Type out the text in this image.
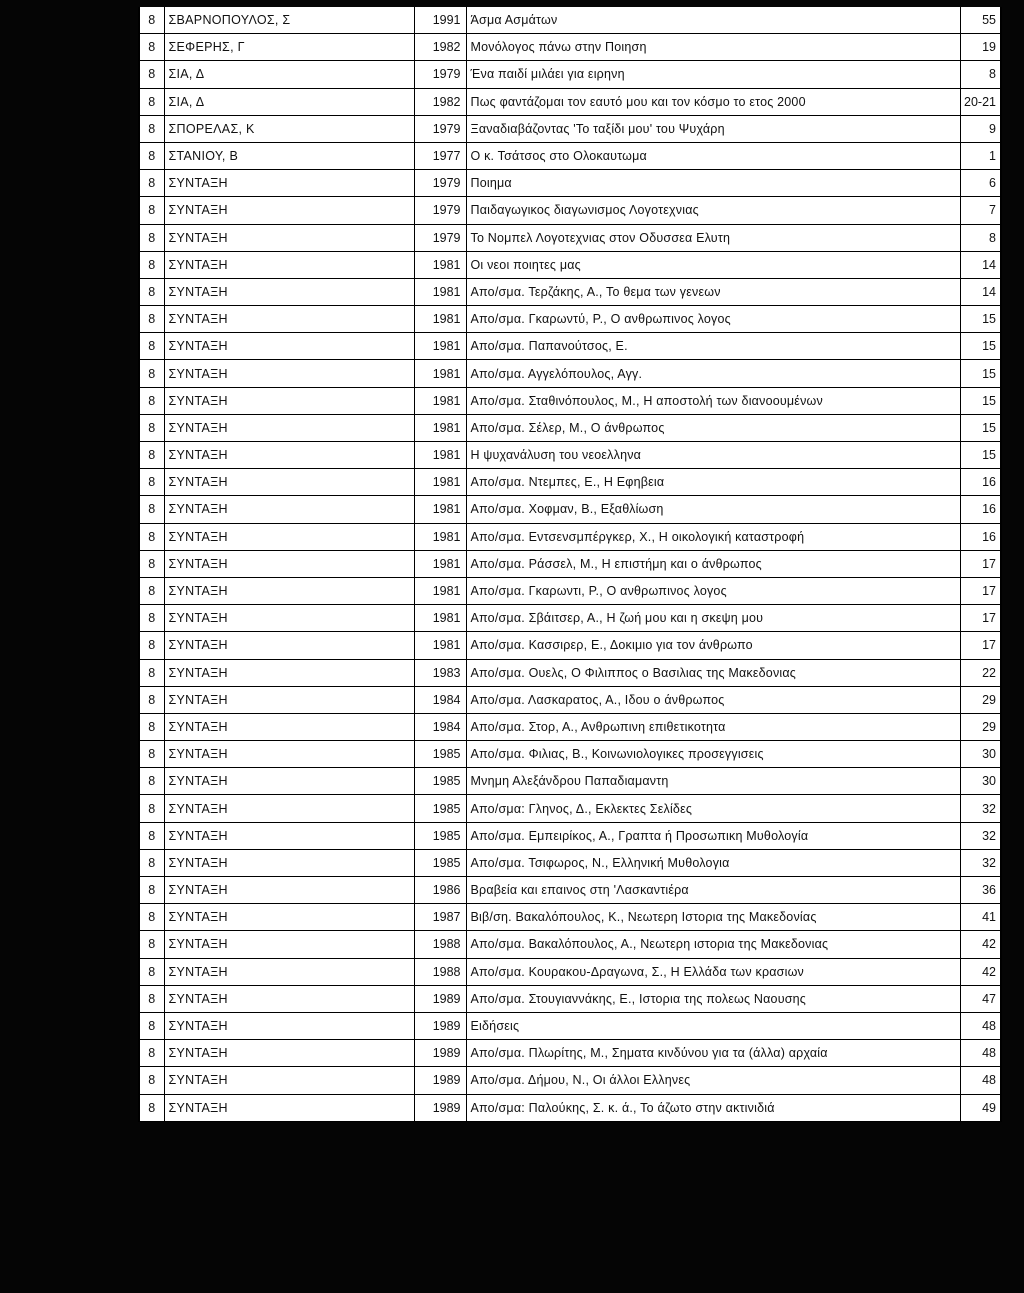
8	ΣΒΑΡΝΟΠΟΥΛΟΣ, Σ	1991	Άσμα Ασμάτων	55
8	ΣΕΦΕΡΗΣ, Γ	1982	Μονόλογος πάνω στην Ποιηση	19
8	ΣΙΑ, Δ	1979	Ένα παιδί μιλάει για ειρηνη	8
8	ΣΙΑ, Δ	1982	Πως φαντάζομαι τον εαυτό μου και τον κόσμο το ετος 2000	20-21
8	ΣΠΟΡΕΛΑΣ, Κ	1979	Ξαναδιαβάζοντας 'Το ταξίδι μου' του Ψυχάρη	9
8	ΣΤΑΝΙΟΥ, Β	1977	Ο κ. Τσάτσος στο Ολοκαυτωμα	1
8	ΣΥΝΤΑΞΗ	1979	Ποιημα	6
8	ΣΥΝΤΑΞΗ	1979	Παιδαγωγικος διαγωνισμος Λογοτεχνιας	7
8	ΣΥΝΤΑΞΗ	1979	Το Νομπελ Λογοτεχνιας στον Οδυσσεα Ελυτη	8
8	ΣΥΝΤΑΞΗ	1981	Οι νεοι ποιητες μας	14
8	ΣΥΝΤΑΞΗ	1981	Απο/σμα. Τερζάκης, Α., Το θεμα των γενεων	14
8	ΣΥΝΤΑΞΗ	1981	Απο/σμα. Γκαρωντύ, Ρ., Ο ανθρωπινος λογος	15
8	ΣΥΝΤΑΞΗ	1981	Απο/σμα. Παπανούτσος, Ε.	15
8	ΣΥΝΤΑΞΗ	1981	Απο/σμα. Αγγελόπουλος, Αγγ.	15
8	ΣΥΝΤΑΞΗ	1981	Απο/σμα. Σταθινόπουλος, Μ., Η αποστολή των διανοουμένων	15
8	ΣΥΝΤΑΞΗ	1981	Απο/σμα. Σέλερ, Μ., Ο άνθρωπος	15
8	ΣΥΝΤΑΞΗ	1981	Η ψυχανάλυση του νεοελληνα	15
8	ΣΥΝΤΑΞΗ	1981	Απο/σμα. Ντεμπες, Ε., Η Εφηβεια	16
8	ΣΥΝΤΑΞΗ	1981	Απο/σμα. Χοφμαν, Β., Εξαθλίωση	16
8	ΣΥΝΤΑΞΗ	1981	Απο/σμα. Εντσενσμπέργκερ, Χ., Η οικολογική καταστροφή	16
8	ΣΥΝΤΑΞΗ	1981	Απο/σμα. Ράσσελ, Μ., Η επιστήμη και ο άνθρωπος	17
8	ΣΥΝΤΑΞΗ	1981	Απο/σμα. Γκαρωντι, Ρ., Ο ανθρωπινος λογος	17
8	ΣΥΝΤΑΞΗ	1981	Απο/σμα. Σβάιτσερ, Α., Η ζωή μου και η σκεψη μου	17
8	ΣΥΝΤΑΞΗ	1981	Απο/σμα. Κασσιρερ, Ε., Δοκιμιο για τον άνθρωπο	17
8	ΣΥΝΤΑΞΗ	1983	Απο/σμα. Ουελς, Ο Φιλιππος ο Βασιλιας της Μακεδονιας	22
8	ΣΥΝΤΑΞΗ	1984	Απο/σμα. Λασκαρατος, Α., Ιδου ο άνθρωπος	29
8	ΣΥΝΤΑΞΗ	1984	Απο/σμα. Στορ, Α., Ανθρωπινη επιθετικοτητα	29
8	ΣΥΝΤΑΞΗ	1985	Απο/σμα. Φιλιας, Β., Κοινωνιολογικες προσεγγισεις	30
8	ΣΥΝΤΑΞΗ	1985	Μνημη Αλεξάνδρου Παπαδιαμαντη	30
8	ΣΥΝΤΑΞΗ	1985	Απο/σμα: Γληνος, Δ., Εκλεκτες Σελίδες	32
8	ΣΥΝΤΑΞΗ	1985	Απο/σμα. Εμπειρίκος, Α., Γραπτα ή Προσωπικη Μυθολογία	32
8	ΣΥΝΤΑΞΗ	1985	Απο/σμα. Τσιφωρος, Ν., Ελληνική Μυθολογια	32
8	ΣΥΝΤΑΞΗ	1986	Βραβεία και επαινος στη 'Λασκαντιέρα	36
8	ΣΥΝΤΑΞΗ	1987	Βιβ/ση. Βακαλόπουλος, Κ., Νεωτερη Ιστορια της Μακεδονίας	41
8	ΣΥΝΤΑΞΗ	1988	Απο/σμα. Βακαλόπουλος, Α., Νεωτερη ιστορια της Μακεδονιας	42
8	ΣΥΝΤΑΞΗ	1988	Απο/σμα. Κουρακου-Δραγωνα, Σ., Η Ελλάδα των κρασιων	42
8	ΣΥΝΤΑΞΗ	1989	Απο/σμα. Στουγιαννάκης, Ε., Ιστορια της πολεως Ναουσης	47
8	ΣΥΝΤΑΞΗ	1989	Ειδήσεις	48
8	ΣΥΝΤΑΞΗ	1989	Απο/σμα. Πλωρίτης, Μ., Σηματα κινδύνου για τα (άλλα) αρχαία	48
8	ΣΥΝΤΑΞΗ	1989	Απο/σμα. Δήμου, Ν., Οι άλλοι Ελληνες	48
8	ΣΥΝΤΑΞΗ	1989	Απο/σμα: Παλούκης, Σ. κ. ά., Το άζωτο στην ακτινιδιά	49
